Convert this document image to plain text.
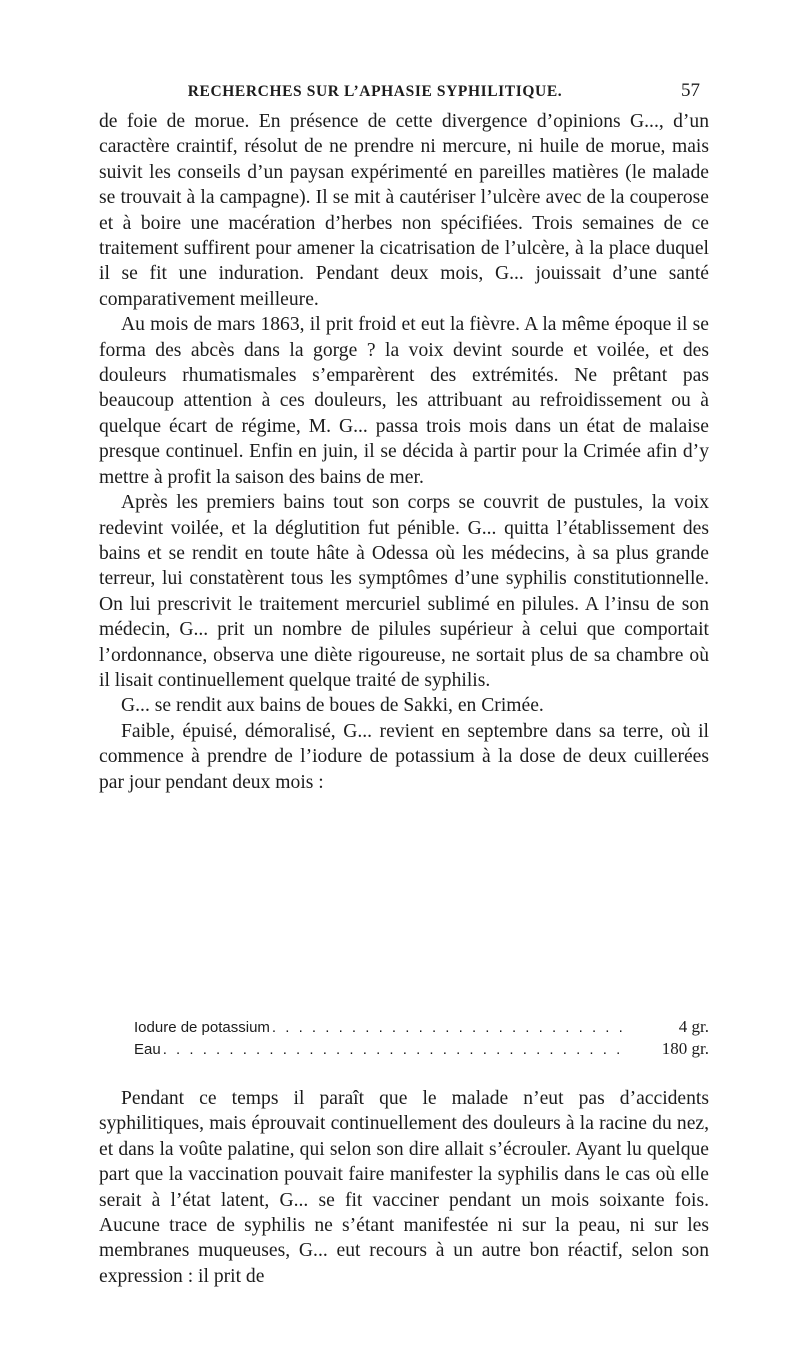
RECHERCHES SUR L’APHASIE SYPHILITIQUE.	57

de foie de morue. En présence de cette divergence d’opinions G..., d’un caractère craintif, résolut de ne prendre ni mercure, ni huile de morue, mais suivit les conseils d’un paysan expérimenté en pareilles matières (le malade se trouvait à la campagne). Il se mit à cautériser l’ulcère avec de la couperose et à boire une macération d’herbes non spécifiées. Trois semaines de ce traitement suffirent pour amener la cicatrisation de l’ulcère, à la place duquel il se fit une induration. Pendant deux mois, G... jouissait d’une santé comparativement meilleure.

Au mois de mars 1863, il prit froid et eut la fièvre. A la même époque il se forma des abcès dans la gorge ? la voix devint sourde et voilée, et des douleurs rhumatismales s’emparèrent des extrémités. Ne prêtant pas beaucoup attention à ces douleurs, les attribuant au refroidissement ou à quelque écart de régime, M. G... passa trois mois dans un état de malaise presque continuel. Enfin en juin, il se décida à partir pour la Crimée afin d’y mettre à profit la saison des bains de mer.

Après les premiers bains tout son corps se couvrit de pustules, la voix redevint voilée, et la déglutition fut pénible. G... quitta l’établissement des bains et se rendit en toute hâte à Odessa où les médecins, à sa plus grande terreur, lui constatèrent tous les symptômes d’une syphilis constitutionnelle. On lui prescrivit le traitement mercuriel sublimé en pilules. A l’insu de son médecin, G... prit un nombre de pilules supérieur à celui que comportait l’ordonnance, observa une diète rigoureuse, ne sortait plus de sa chambre où il lisait continuellement quelque traité de syphilis.

G... se rendit aux bains de boues de Sakki, en Crimée.

Faible, épuisé, démoralisé, G... revient en septembre dans sa terre, où il commence à prendre de l’iodure de potassium à la dose de deux cuillerées par jour pendant deux mois :

Iodure de potassium . . .	4 gr.
Eau . . .	180 gr.

Pendant ce temps il paraît que le malade n’eut pas d’accidents syphilitiques, mais éprouvait continuellement des douleurs à la racine du nez, et dans la voûte palatine, qui selon son dire allait s’écrouler. Ayant lu quelque part que la vaccination pouvait faire manifester la syphilis dans le cas où elle serait à l’état latent, G... se fit vacciner pendant un mois soixante fois. Aucune trace de syphilis ne s’étant manifestée ni sur la peau, ni sur les membranes muqueuses, G... eut recours à un autre bon réactif, selon son expression : il prit de
